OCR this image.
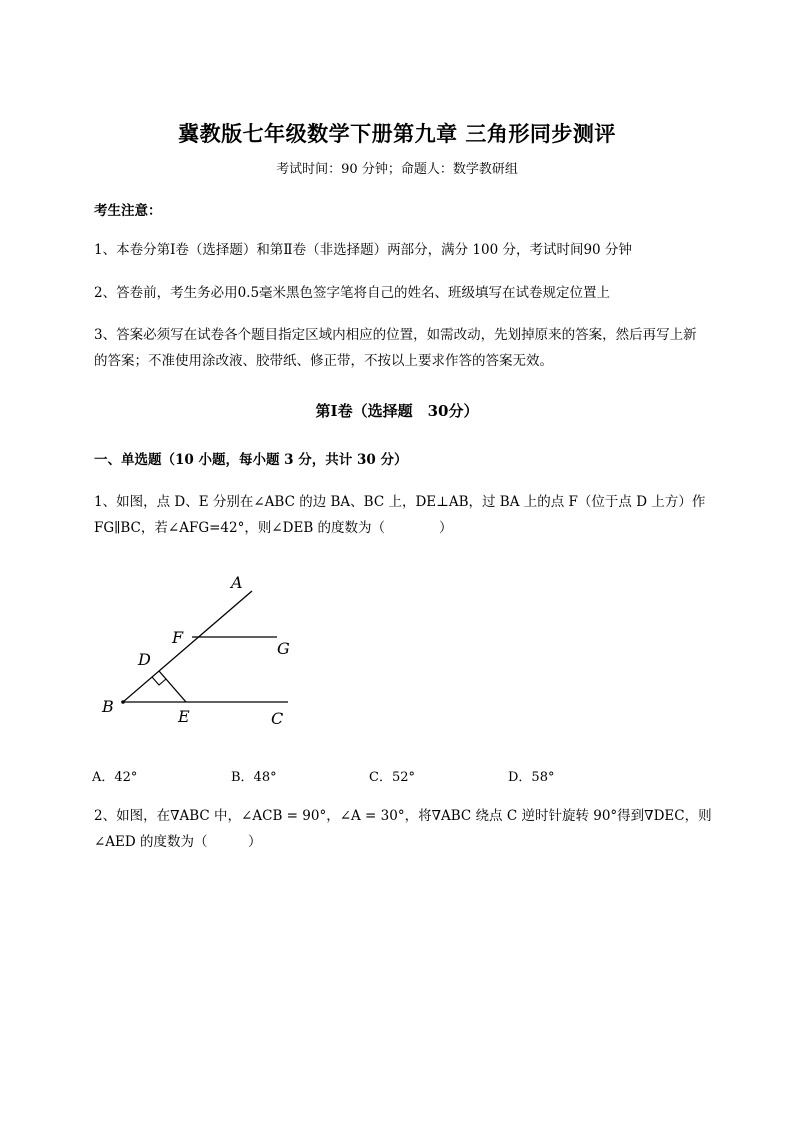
冀教版七年级数学下册第九章 三角形同步测评
考试时间：90 分钟；命题人：数学教研组
考生注意：
1、本卷分第Ⅰ卷（选择题）和第Ⅱ卷（非选择题）两部分，满分 100 分，考试时间90 分钟
2、答卷前，考生务必用0.5毫米黑色签字笔将自己的姓名、班级填写在试卷规定位置上
3、答案必须写在试卷各个题目指定区域内相应的位置，如需改动，先划掉原来的答案，然后再写上新
的答案；不准使用涂改液、胶带纸、修正带，不按以上要求作答的答案无效。
第Ⅰ卷（选择题　30分）
一、单选题（10 小题，每小题 3 分，共计 30 分）
1、如图，点 D、E 分别在∠ABC 的边 BA、BC 上，DE⊥AB，过 BA 上的点 F（位于点 D 上方）作
FG∥BC，若∠AFG=42°，则∠DEB 的度数为（　　　　）
A
F
G
D
B
E	C
A．42°	B．48°	C．52°	D．58°
2、如图，在∇ABC 中，∠ACB = 90°，∠A = 30°，将∇ABC 绕点 C 逆时针旋转 90°得到∇DEC，则
∠AED 的度数为（　　　）
